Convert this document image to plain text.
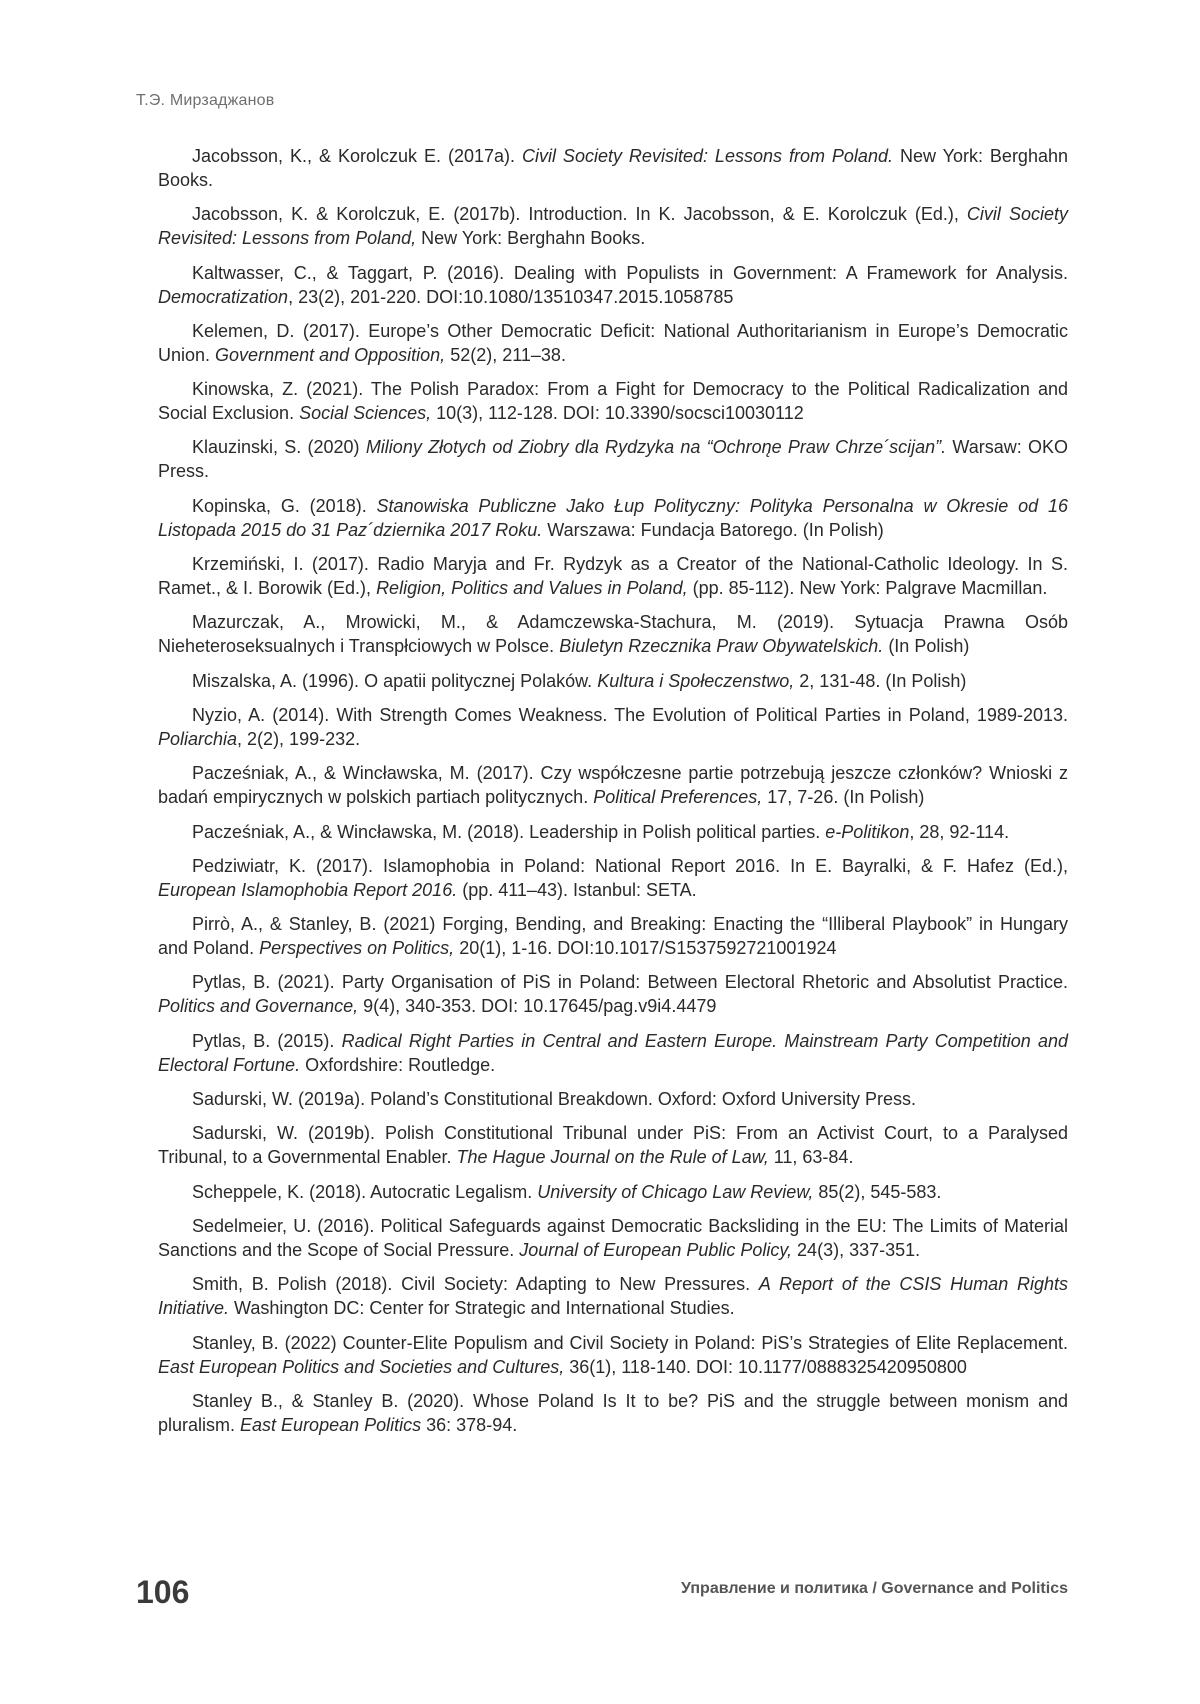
Т.Э. Мирзаджанов

Jacobsson, K., & Korolczuk E. (2017a). Civil Society Revisited: Lessons from Poland. New York: Berghahn Books.

Jacobsson, K. & Korolczuk, E. (2017b). Introduction. In K. Jacobsson, & E. Korolczuk (Ed.), Civil Society Revisited: Lessons from Poland, New York: Berghahn Books.

Kaltwasser, C., & Taggart, P. (2016). Dealing with Populists in Government: A Framework for Analysis. Democratization, 23(2), 201-220. DOI:10.1080/13510347.2015.1058785

Kelemen, D. (2017). Europe’s Other Democratic Deficit: National Authoritarianism in Europe’s Democratic Union. Government and Opposition, 52(2), 211–38.

Kinowska, Z. (2021). The Polish Paradox: From a Fight for Democracy to the Political Radicalization and Social Exclusion. Social Sciences, 10(3), 112-128. DOI: 10.3390/socsci10030112

Klauzinski, S. (2020) Miliony Złotych od Ziobry dla Rydzyka na “Ochron̨e Praw Chrze´scijan”. Warsaw: OKO Press.

Kopinska, G. (2018). Stanowiska Publiczne Jako Łup Polityczny: Polityka Personalna w Okresie od 16 Listopada 2015 do 31 Paz´dziernika 2017 Roku. Warszawa: Fundacja Batorego. (In Polish)

Krzemiński, I. (2017). Radio Maryja and Fr. Rydzyk as a Creator of the National-Catholic Ideology. In S. Ramet., & I. Borowik (Ed.), Religion, Politics and Values in Poland, (pp. 85-112). New York: Palgrave Macmillan.

Mazurczak, A., Mrowicki, M., & Adamczewska-Stachura, M. (2019). Sytuacja Prawna Osób Nieheteroseksualnych i Transpłciowych w Polsce. Biuletyn Rzecznika Praw Obywatelskich. (In Polish)

Miszalska, A. (1996). O apatii politycznej Polaków. Kultura i Społeczenstwo, 2, 131-48. (In Polish)

Nyzio, A. (2014). With Strength Comes Weakness. The Evolution of Political Parties in Poland, 1989-2013. Poliarchia, 2(2), 199-232.

Pacześniak, A., & Wincławska, M. (2017). Czy współczesne partie potrzebują jeszcze członków? Wnioski z badań empirycznych w polskich partiach politycznych. Political Preferences, 17, 7-26. (In Polish)

Pacześniak, A., & Wincławska, M. (2018). Leadership in Polish political parties. e-Politikon, 28, 92-114.

Pedziwiatr, K. (2017). Islamophobia in Poland: National Report 2016. In E. Bayralki, & F. Hafez (Ed.), European Islamophobia Report 2016. (pp. 411–43). Istanbul: SETA.

Pirrò, A., & Stanley, B. (2021) Forging, Bending, and Breaking: Enacting the “Illiberal Playbook” in Hungary and Poland. Perspectives on Politics, 20(1), 1-16. DOI:10.1017/S1537592721001924

Pytlas, B. (2021). Party Organisation of PiS in Poland: Between Electoral Rhetoric and Absolutist Practice. Politics and Governance, 9(4), 340-353. DOI: 10.17645/pag.v9i4.4479

Pytlas, B. (2015). Radical Right Parties in Central and Eastern Europe. Mainstream Party Competition and Electoral Fortune. Oxfordshire: Routledge.

Sadurski, W. (2019a). Poland’s Constitutional Breakdown. Oxford: Oxford University Press.

Sadurski, W. (2019b). Polish Constitutional Tribunal under PiS: From an Activist Court, to a Paralysed Tribunal, to a Governmental Enabler. The Hague Journal on the Rule of Law, 11, 63-84.

Scheppele, K. (2018). Autocratic Legalism. University of Chicago Law Review, 85(2), 545-583.

Sedelmeier, U. (2016). Political Safeguards against Democratic Backsliding in the EU: The Limits of Material Sanctions and the Scope of Social Pressure. Journal of European Public Policy, 24(3), 337-351.

Smith, B. Polish (2018). Civil Society: Adapting to New Pressures. A Report of the CSIS Human Rights Initiative. Washington DC: Center for Strategic and International Studies.

Stanley, B. (2022) Counter-Elite Populism and Civil Society in Poland: PiS’s Strategies of Elite Replacement. East European Politics and Societies and Cultures, 36(1), 118-140. DOI: 10.1177/0888325420950800

Stanley B., & Stanley B. (2020). Whose Poland Is It to be? PiS and the struggle between monism and pluralism. East European Politics 36: 378-94.

106	Управление и политика / Governance and Politics
